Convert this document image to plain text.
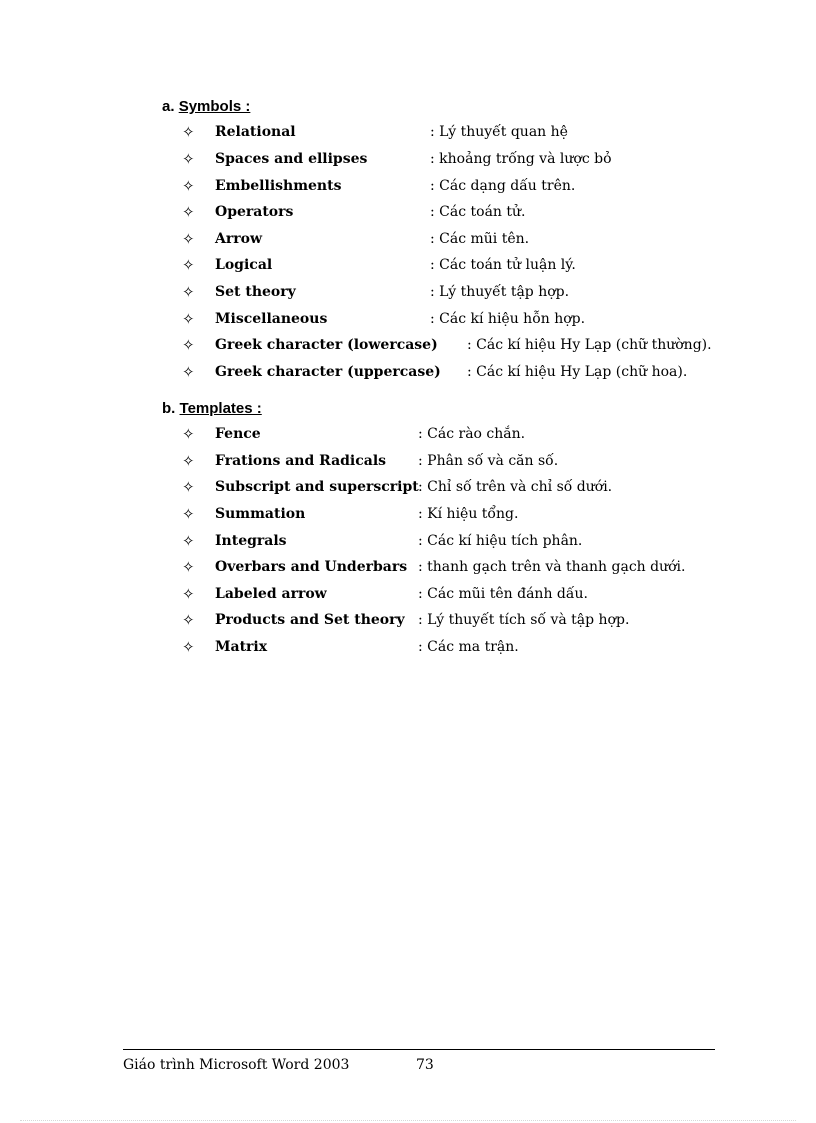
a. Symbols :
✧ Relational	: Lý thuyết quan hệ
✧ Spaces and ellipses	: khoảng trống và lược bỏ
✧ Embellishments	: Các dạng dấu trên.
✧ Operators	: Các toán tử.
✧ Arrow	: Các mũi tên.
✧ Logical	: Các toán tử luận lý.
✧ Set theory	: Lý thuyết tập hợp.
✧ Miscellaneous	: Các kí hiệu hỗn hợp.
✧ Greek character (lowercase) : Các kí hiệu Hy Lạp (chữ thường).
✧ Greek character (uppercase) : Các kí hiệu Hy Lạp (chữ hoa).
b. Templates :
✧ Fence	: Các rào chắn.
✧ Frations and Radicals : Phân số và căn số.
✧ Subscript and superscript : Chỉ số trên và chỉ số dưới.
✧ Summation	: Kí hiệu tổng.
✧ Integrals	: Các kí hiệu tích phân.
✧ Overbars and Underbars : thanh gạch trên và thanh gạch dưới.
✧ Labeled arrow	: Các mũi tên đánh dấu.
✧ Products and Set theory : Lý thuyết tích số và tập hợp.
✧ Matrix	: Các ma trận.
Giáo trình Microsoft Word 2003	73
